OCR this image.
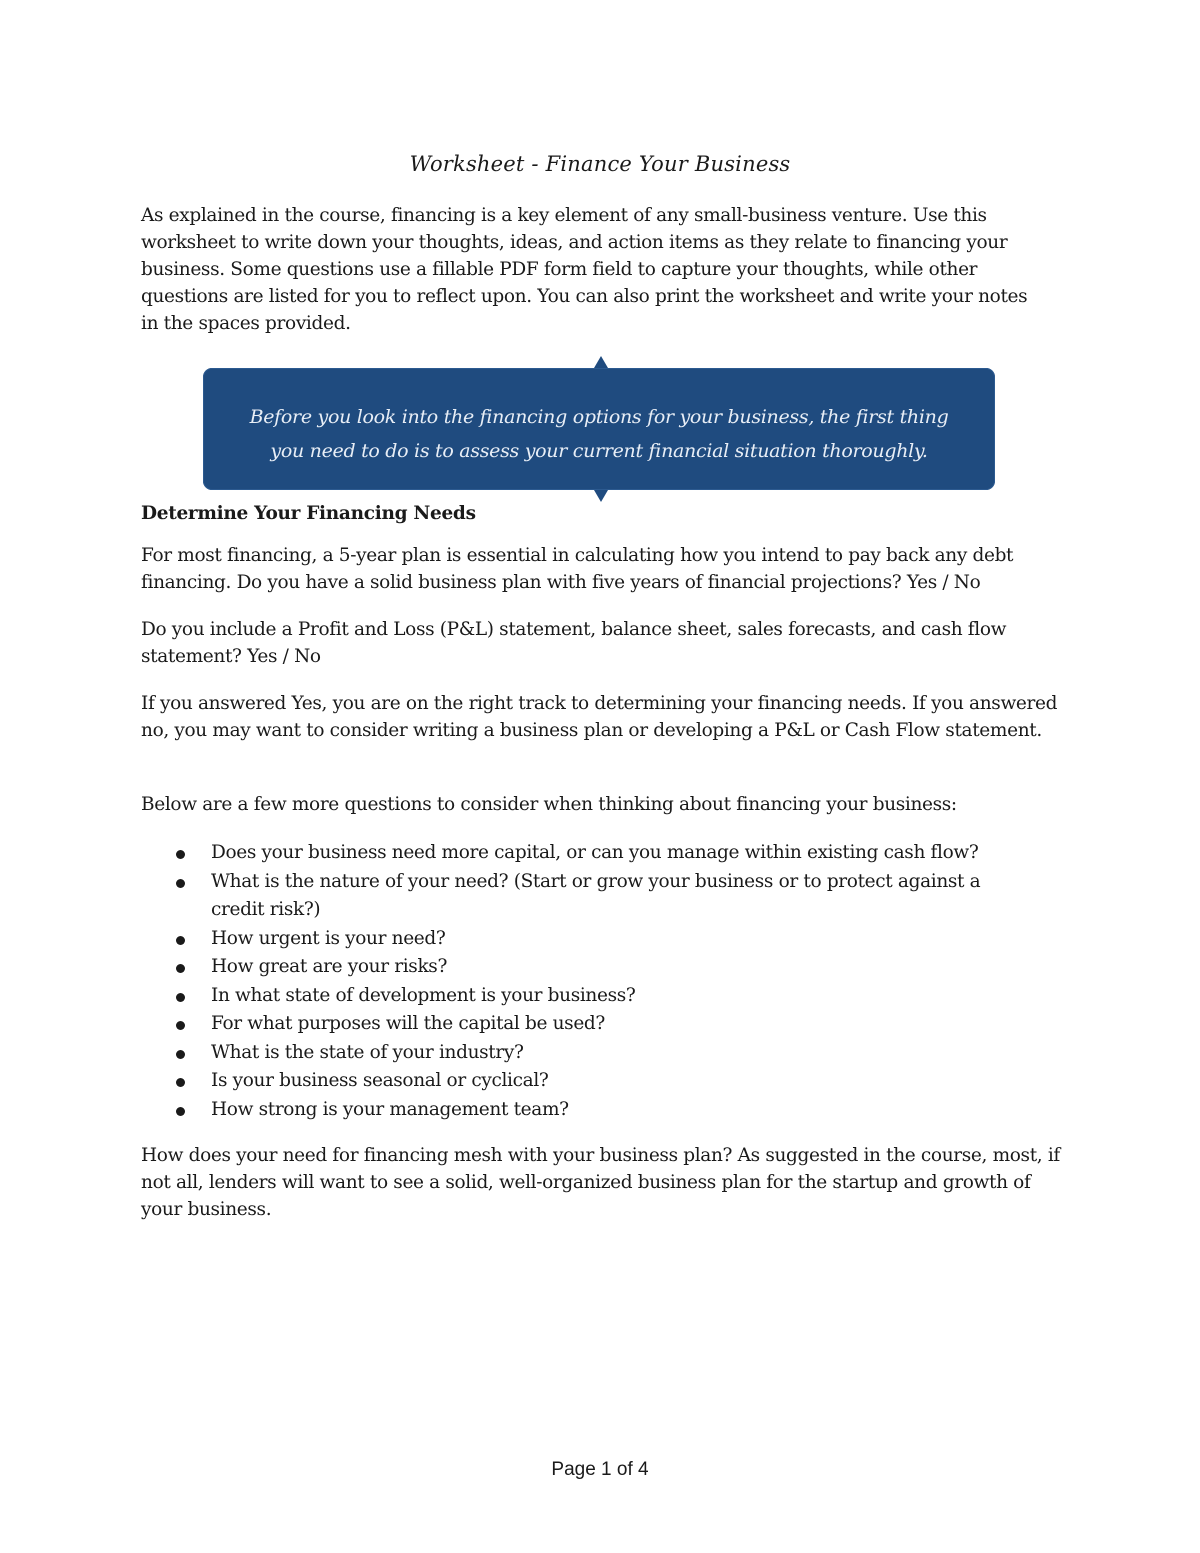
Worksheet - Finance Your Business

As explained in the course, financing is a key element of any small-business venture. Use this worksheet to write down your thoughts, ideas, and action items as they relate to financing your business. Some questions use a fillable PDF form field to capture your thoughts, while other questions are listed for you to reflect upon. You can also print the worksheet and write your notes in the spaces provided.

Before you look into the financing options for your business, the first thing
you need to do is to assess your current financial situation thoroughly.

Determine Your Financing Needs

For most financing, a 5-year plan is essential in calculating how you intend to pay back any debt financing. Do you have a solid business plan with five years of financial projections? Yes / No

Do you include a Profit and Loss (P&L) statement, balance sheet, sales forecasts, and cash flow statement? Yes / No

If you answered Yes, you are on the right track to determining your financing needs. If you answered no, you may want to consider writing a business plan or developing a P&L or Cash Flow statement.

Below are a few more questions to consider when thinking about financing your business:

Does your business need more capital, or can you manage within existing cash flow?
What is the nature of your need? (Start or grow your business or to protect against a credit risk?)
How urgent is your need?
How great are your risks?
In what state of development is your business?
For what purposes will the capital be used?
What is the state of your industry?
Is your business seasonal or cyclical?
How strong is your management team?

How does your need for financing mesh with your business plan? As suggested in the course, most, if not all, lenders will want to see a solid, well-organized business plan for the startup and growth of your business.

Page 1 of 4
